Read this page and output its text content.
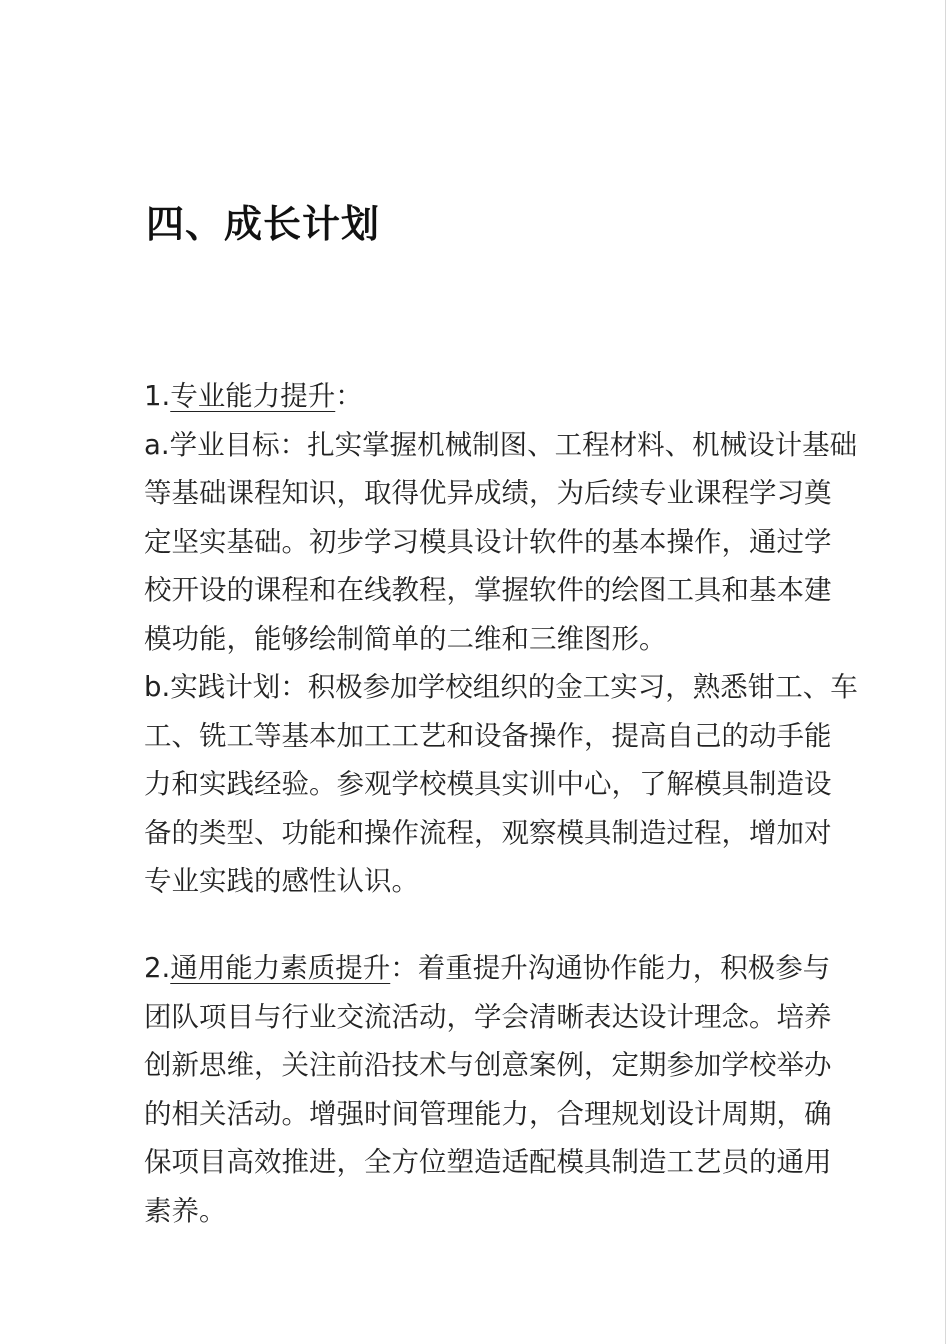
四、成长计划
1.专业能力提升：
a.学业目标：扎实掌握机械制图、工程材料、机械设计基础
等基础课程知识，取得优异成绩，为后续专业课程学习奠
定坚实基础。初步学习模具设计软件的基本操作，通过学
校开设的课程和在线教程，掌握软件的绘图工具和基本建
模功能，能够绘制简单的二维和三维图形。
b.实践计划：积极参加学校组织的金工实习，熟悉钳工、车
工、铣工等基本加工工艺和设备操作，提高自己的动手能
力和实践经验。参观学校模具实训中心，了解模具制造设
备的类型、功能和操作流程，观察模具制造过程，增加对
专业实践的感性认识。
2.通用能力素质提升：着重提升沟通协作能力，积极参与
团队项目与行业交流活动，学会清晰表达设计理念。培养
创新思维，关注前沿技术与创意案例，定期参加学校举办
的相关活动。增强时间管理能力，合理规划设计周期，确
保项目高效推进，全方位塑造适配模具制造工艺员的通用
素养。
